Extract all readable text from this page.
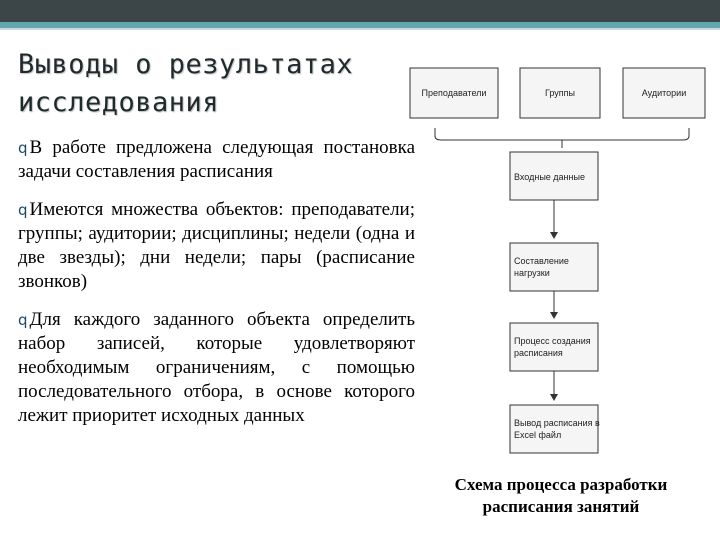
Выводы о результатах
исследования
q В работе предложена следующая постановка задачи составления расписания
q Имеются множества объектов: преподаватели; группы; аудитории; дисциплины; недели (одна и две звезды); дни недели; пары (расписание звонков)
q Для каждого заданного объекта определить набор записей, которые удовлетворяют необходимым ограничениям, с помощью последовательного отбора, в основе которого лежит приоритет исходных данных
Преподаватели	Группы	Аудитории
Входные данные
Составление
нагрузки
Процесс создания
расписания
Вывод расписания в
Excel файл
Схема процесса разработки
расписания занятий
